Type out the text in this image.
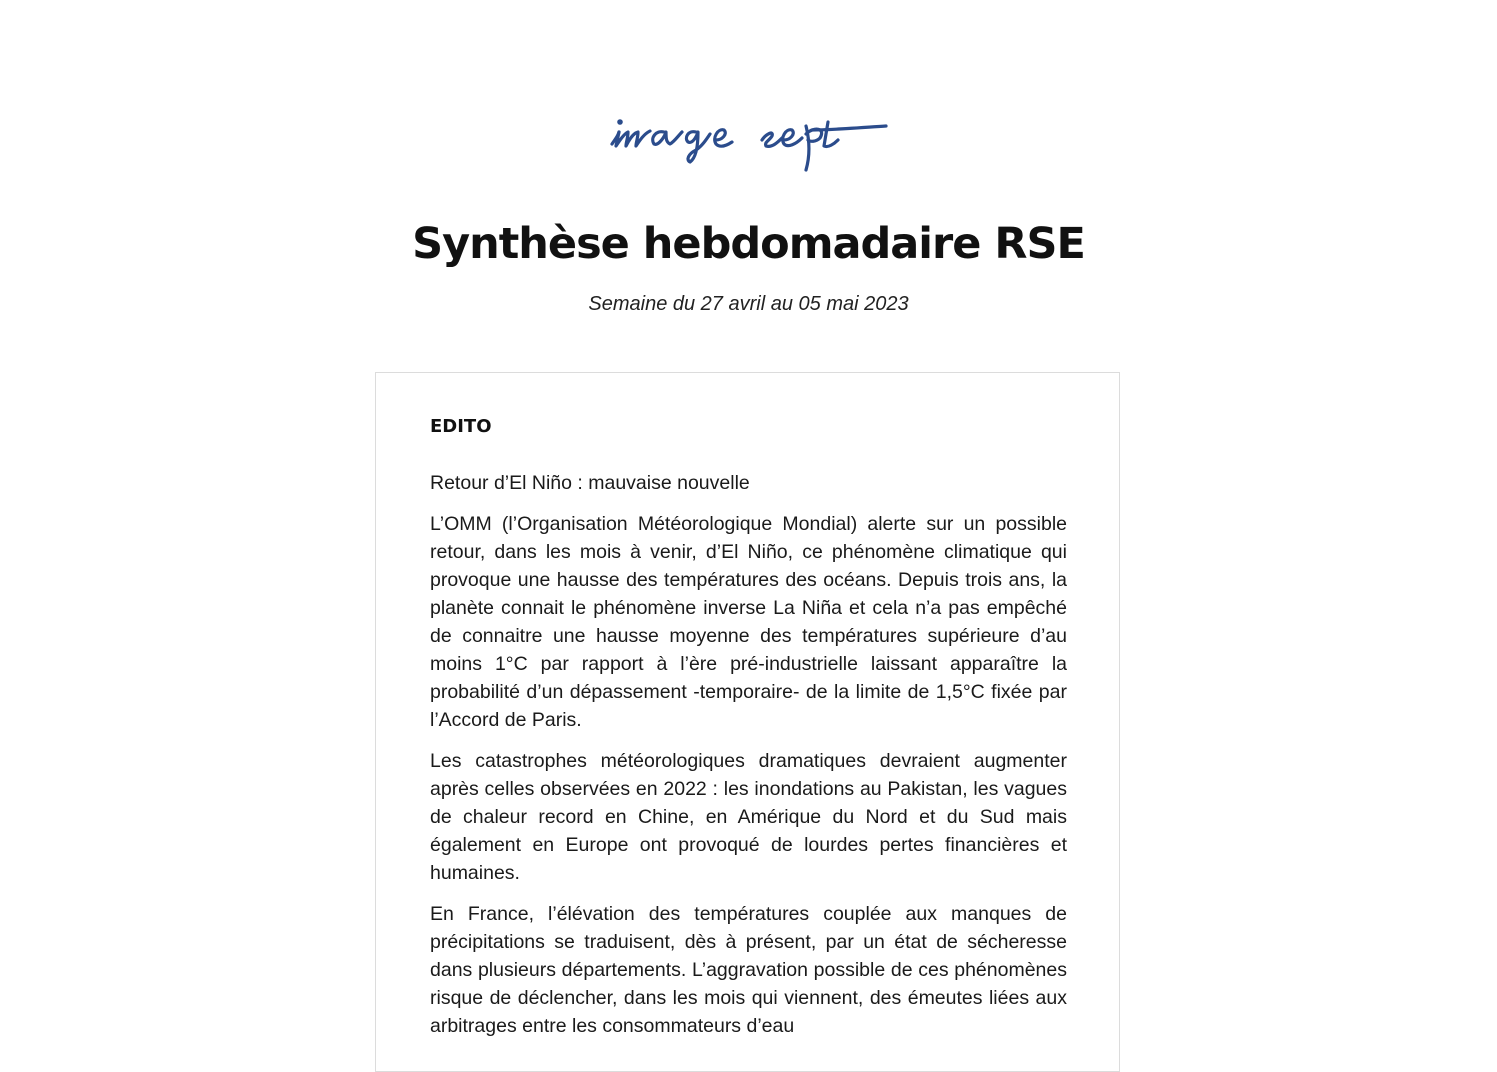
Synthèse hebdomadaire RSE

Semaine du 27 avril au 05 mai 2023

EDITO

Retour d’El Niño : mauvaise nouvelle

L’OMM (l’Organisation Météorologique Mondial) alerte sur un possible retour, dans les mois à venir, d’El Niño, ce phénomène climatique qui provoque une hausse des températures des océans. Depuis trois ans, la planète connait le phénomène inverse La Niña et cela n’a pas empêché de connaitre une hausse moyenne des températures supérieure d’au moins 1°C par rapport à l’ère pré-industrielle laissant apparaître la probabilité d’un dépassement -temporaire- de la limite de 1,5°C fixée par l’Accord de Paris.

Les catastrophes météorologiques dramatiques devraient augmenter après celles observées en 2022 : les inondations au Pakistan, les vagues de chaleur record en Chine, en Amérique du Nord et du Sud mais également en Europe ont provoqué de lourdes pertes financières et humaines.

En France, l’élévation des températures couplée aux manques de précipitations se traduisent, dès à présent, par un état de sécheresse dans plusieurs départements. L’aggravation possible de ces phénomènes risque de déclencher, dans les mois qui viennent, des émeutes liées aux arbitrages entre les consommateurs d’eau
